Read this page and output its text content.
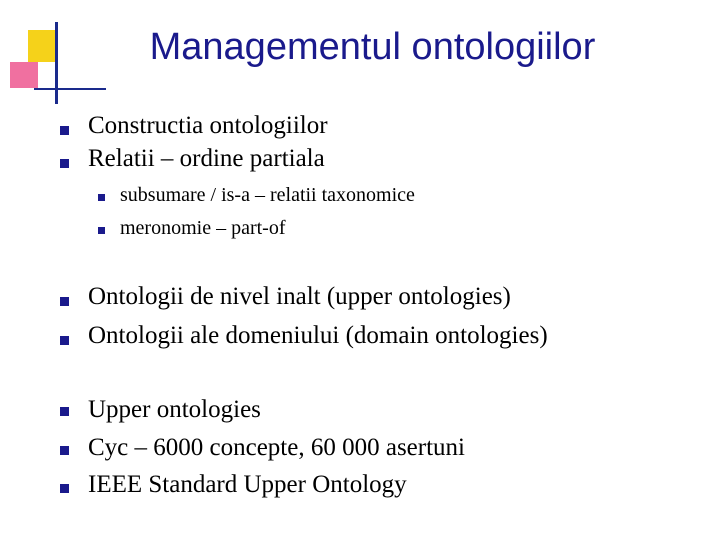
Managementul ontologiilor
Constructia ontologiilor
Relatii – ordine partiala
subsumare / is-a – relatii taxonomice
meronomie – part-of
Ontologii de nivel inalt (upper ontologies)
Ontologii ale domeniului (domain ontologies)
Upper ontologies
Cyc – 6000 concepte, 60 000 asertuni
IEEE Standard Upper Ontology
